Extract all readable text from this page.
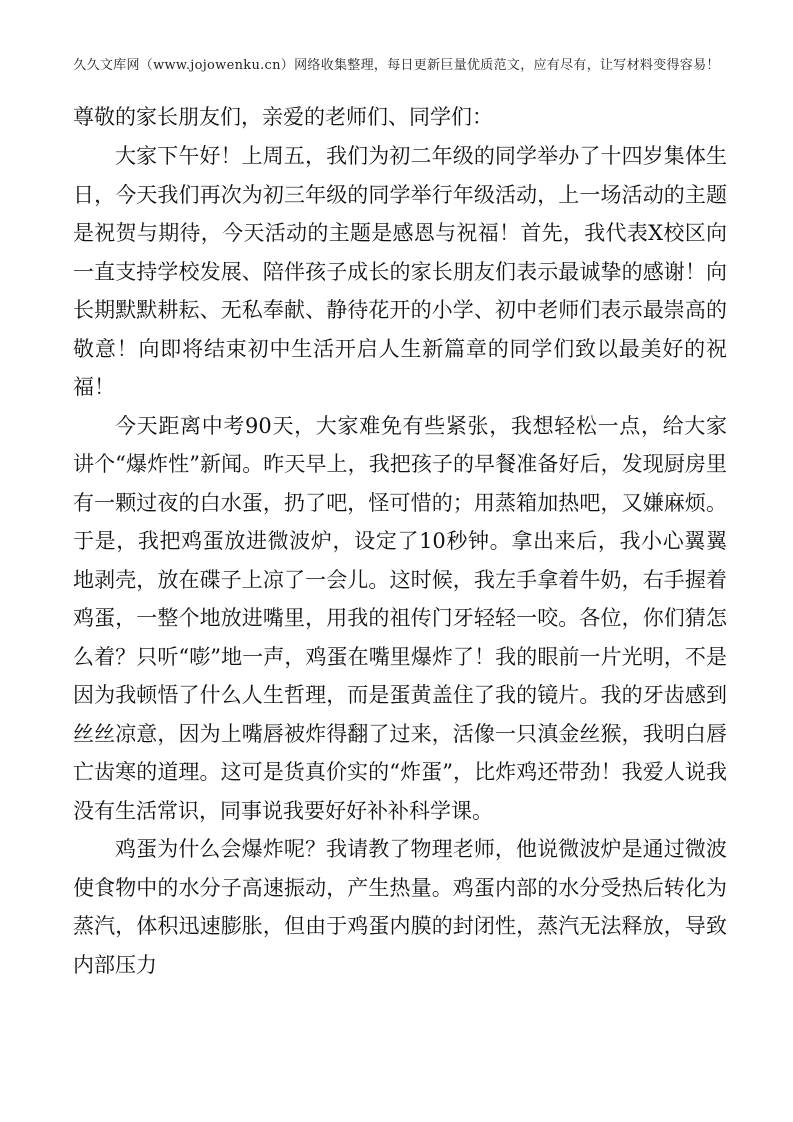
久久文库网（www.jojowenku.cn）网络收集整理，每日更新巨量优质范文，应有尽有，让写材料变得容易！

尊敬的家长朋友们，亲爱的老师们、同学们：

大家下午好！上周五，我们为初二年级的同学举办了十四岁集体生日，今天我们再次为初三年级的同学举行年级活动，上一场活动的主题是祝贺与期待，今天活动的主题是感恩与祝福！首先，我代表X校区向一直支持学校发展、陪伴孩子成长的家长朋友们表示最诚挚的感谢！向长期默默耕耘、无私奉献、静待花开的小学、初中老师们表示最崇高的敬意！向即将结束初中生活开启人生新篇章的同学们致以最美好的祝福！

今天距离中考90天，大家难免有些紧张，我想轻松一点，给大家讲个“爆炸性”新闻。昨天早上，我把孩子的早餐准备好后，发现厨房里有一颗过夜的白水蛋，扔了吧，怪可惜的；用蒸箱加热吧，又嫌麻烦。于是，我把鸡蛋放进微波炉，设定了10秒钟。拿出来后，我小心翼翼地剥壳，放在碟子上凉了一会儿。这时候，我左手拿着牛奶，右手握着鸡蛋，一整个地放进嘴里，用我的祖传门牙轻轻一咬。各位，你们猜怎么着？只听“嘭”地一声，鸡蛋在嘴里爆炸了！我的眼前一片光明，不是因为我顿悟了什么人生哲理，而是蛋黄盖住了我的镜片。我的牙齿感到丝丝凉意，因为上嘴唇被炸得翻了过来，活像一只滇金丝猴，我明白唇亡齿寒的道理。这可是货真价实的“炸蛋”，比炸鸡还带劲！我爱人说我没有生活常识，同事说我要好好补补科学课。

鸡蛋为什么会爆炸呢？我请教了物理老师，他说微波炉是通过微波使食物中的水分子高速振动，产生热量。鸡蛋内部的水分受热后转化为蒸汽，体积迅速膨胀，但由于鸡蛋内膜的封闭性，蒸汽无法释放，导致内部压力
